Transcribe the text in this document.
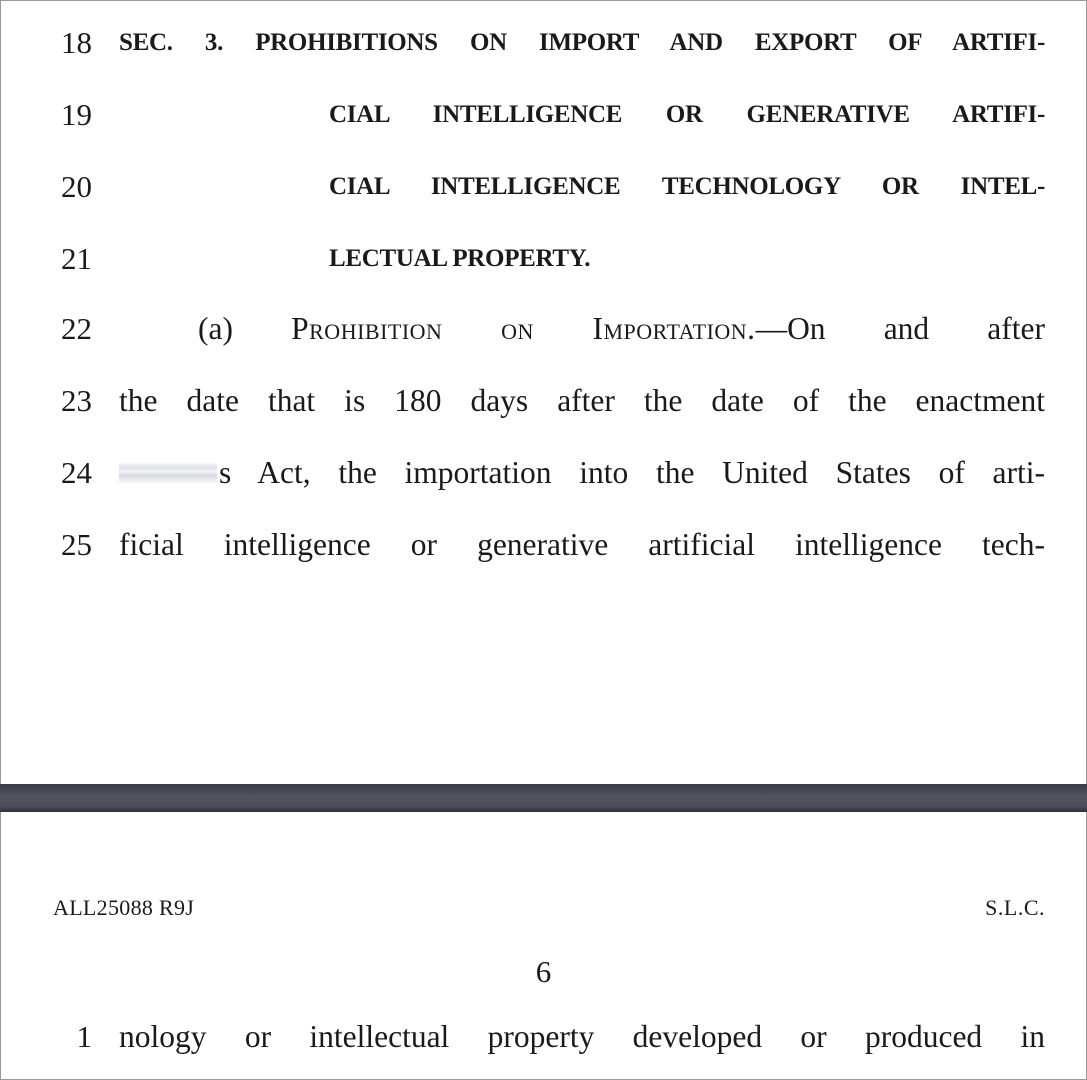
18 SEC. 3. PROHIBITIONS ON IMPORT AND EXPORT OF ARTIFI-
19	CIAL INTELLIGENCE OR GENERATIVE ARTIFI-
20	CIAL INTELLIGENCE TECHNOLOGY OR INTEL-
21	LECTUAL PROPERTY.
22	(a) Prohibition on Importation.—On and after
23 the date that is 180 days after the date of the enactment
24	s Act, the importation into the United States of arti-
25 ficial intelligence or generative artificial intelligence tech-
ALL25088 R9J	S.L.C.
6
1 nology or intellectual property developed or produced in
